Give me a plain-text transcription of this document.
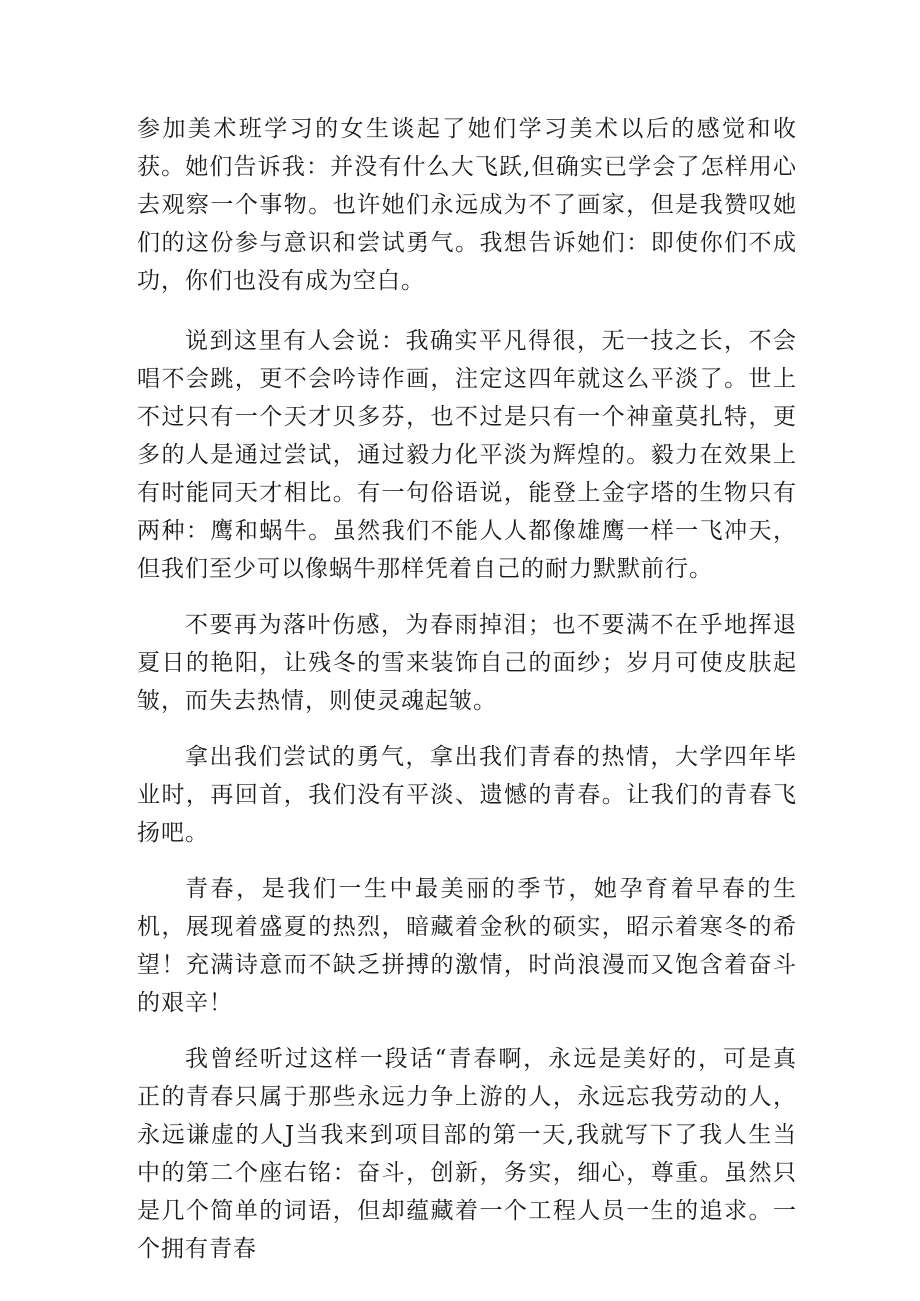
参加美术班学习的女生谈起了她们学习美术以后的感觉和收获。她们告诉我：并没有什么大飞跃,但确实已学会了怎样用心去观察一个事物。也许她们永远成为不了画家，但是我赞叹她们的这份参与意识和尝试勇气。我想告诉她们：即使你们不成功，你们也没有成为空白。

说到这里有人会说：我确实平凡得很，无一技之长，不会唱不会跳，更不会吟诗作画，注定这四年就这么平淡了。世上不过只有一个天才贝多芬，也不过是只有一个神童莫扎特，更多的人是通过尝试，通过毅力化平淡为辉煌的。毅力在效果上有时能同天才相比。有一句俗语说，能登上金字塔的生物只有两种：鹰和蜗牛。虽然我们不能人人都像雄鹰一样一飞冲天，但我们至少可以像蜗牛那样凭着自己的耐力默默前行。

不要再为落叶伤感，为春雨掉泪；也不要满不在乎地挥退夏日的艳阳，让残冬的雪来装饰自己的面纱；岁月可使皮肤起皱，而失去热情，则使灵魂起皱。

拿出我们尝试的勇气，拿出我们青春的热情，大学四年毕业时，再回首，我们没有平淡、遗憾的青春。让我们的青春飞扬吧。

青春，是我们一生中最美丽的季节，她孕育着早春的生机，展现着盛夏的热烈，暗藏着金秋的硕实，昭示着寒冬的希望！充满诗意而不缺乏拼搏的激情，时尚浪漫而又饱含着奋斗的艰辛！

我曾经听过这样一段话“青春啊，永远是美好的，可是真正的青春只属于那些永远力争上游的人，永远忘我劳动的人，永远谦虚的人J当我来到项目部的第一天,我就写下了我人生当中的第二个座右铭：奋斗，创新，务实，细心，尊重。虽然只是几个简单的词语，但却蕴藏着一个工程人员一生的追求。一个拥有青春
